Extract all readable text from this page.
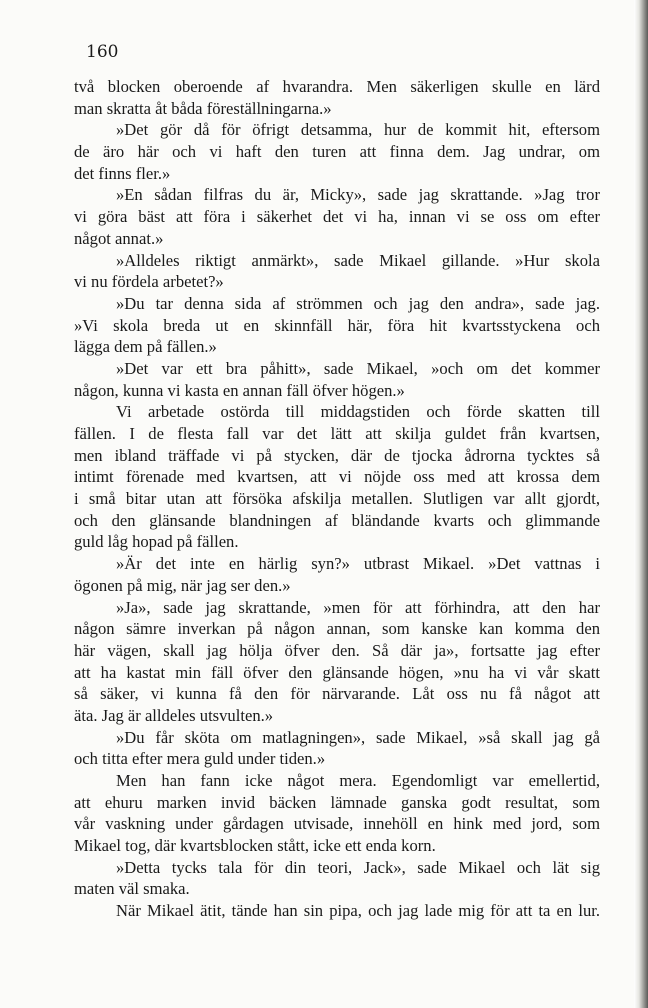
160
två blocken oberoende af hvarandra. Men säkerligen skulle en lärd
man skratta åt båda föreställningarna.»
»Det gör då för öfrigt detsamma, hur de kommit hit, eftersom
de äro här och vi haft den turen att finna dem. Jag undrar, om
det finns fler.»
»En sådan filfras du är, Micky», sade jag skrattande. »Jag tror
vi göra bäst att föra i säkerhet det vi ha, innan vi se oss om efter
något annat.»
»Alldeles riktigt anmärkt», sade Mikael gillande. »Hur skola
vi nu fördela arbetet?»
»Du tar denna sida af strömmen och jag den andra», sade jag.
»Vi skola breda ut en skinnfäll här, föra hit kvartsstyckena och
lägga dem på fällen.»
»Det var ett bra påhitt», sade Mikael, »och om det kommer
någon, kunna vi kasta en annan fäll öfver högen.»
Vi arbetade ostörda till middagstiden och förde skatten till
fällen. I de flesta fall var det lätt att skilja guldet från kvartsen,
men ibland träffade vi på stycken, där de tjocka ådrorna tycktes så
intimt förenade med kvartsen, att vi nöjde oss med att krossa dem
i små bitar utan att försöka afskilja metallen. Slutligen var allt gjordt,
och den glänsande blandningen af bländande kvarts och glimmande
guld låg hopad på fällen.
»Är det inte en härlig syn?» utbrast Mikael. »Det vattnas i
ögonen på mig, när jag ser den.»
»Ja», sade jag skrattande, »men för att förhindra, att den har
någon sämre inverkan på någon annan, som kanske kan komma den
här vägen, skall jag hölja öfver den. Så där ja», fortsatte jag efter
att ha kastat min fäll öfver den glänsande högen, »nu ha vi vår skatt
så säker, vi kunna få den för närvarande. Låt oss nu få något att
äta. Jag är alldeles utsvulten.»
»Du får sköta om matlagningen», sade Mikael, »så skall jag gå
och titta efter mera guld under tiden.»
Men han fann icke något mera. Egendomligt var emellertid,
att ehuru marken invid bäcken lämnade ganska godt resultat, som
vår vaskning under gårdagen utvisade, innehöll en hink med jord, som
Mikael tog, där kvartsblocken stått, icke ett enda korn.
»Detta tycks tala för din teori, Jack», sade Mikael och lät sig
maten väl smaka.
När Mikael ätit, tände han sin pipa, och jag lade mig för att ta en lur.
